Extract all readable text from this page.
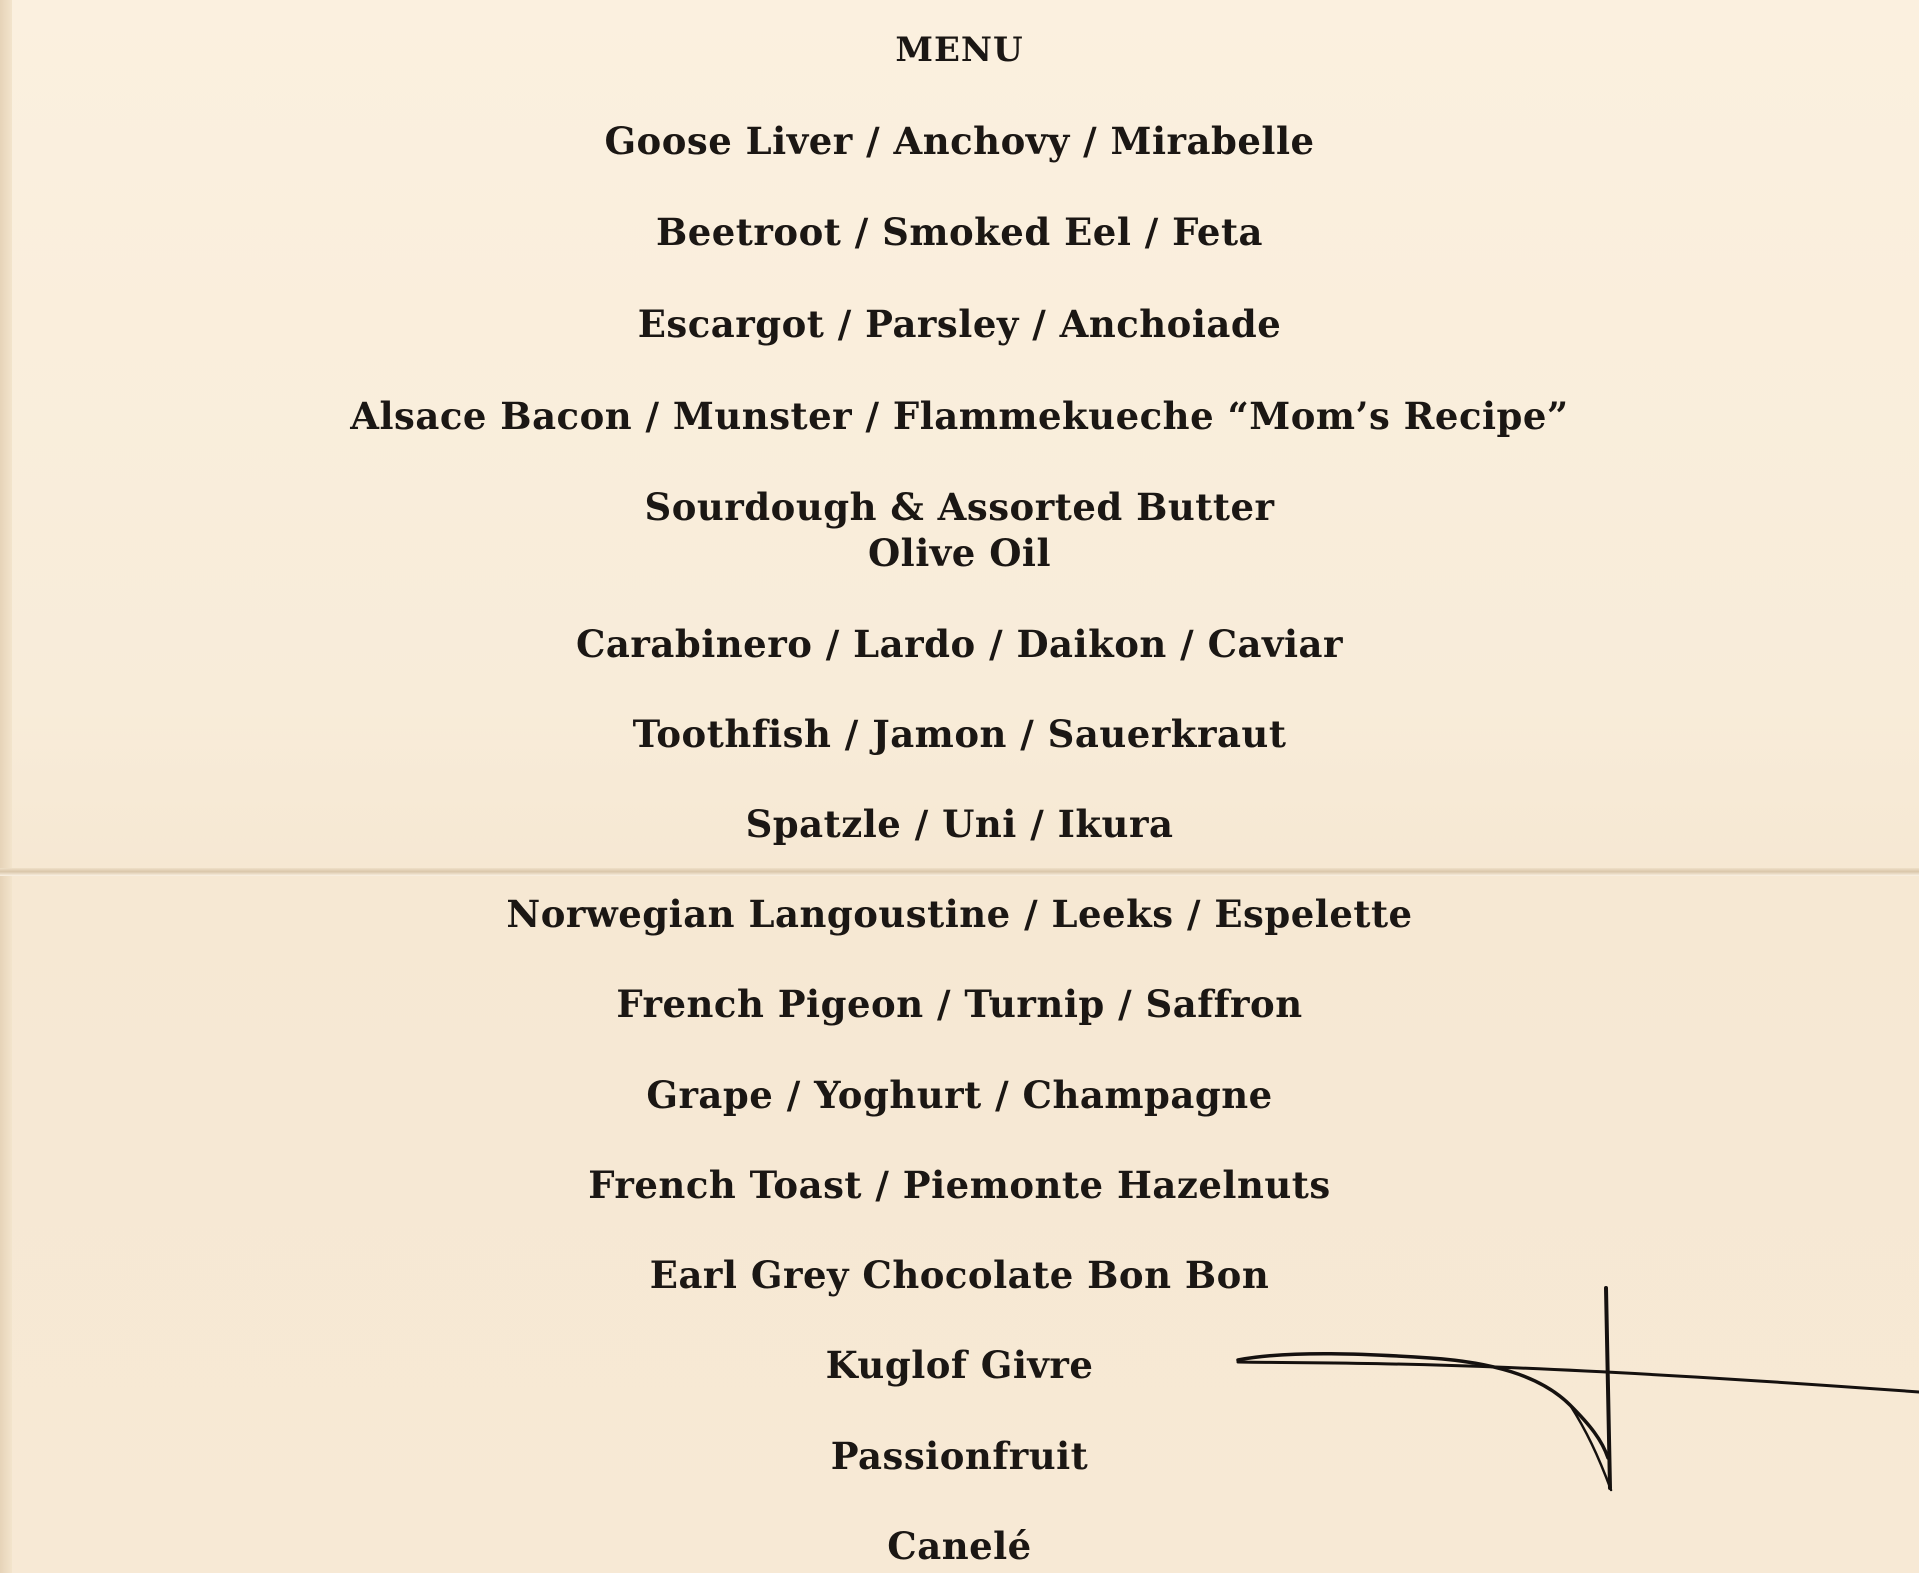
MENU
Goose Liver / Anchovy / Mirabelle
Beetroot / Smoked Eel / Feta
Escargot / Parsley / Anchoiade
Alsace Bacon / Munster / Flammekueche “Mom’s Recipe”
Sourdough & Assorted Butter
Olive Oil
Carabinero / Lardo / Daikon / Caviar
Toothfish / Jamon / Sauerkraut
Spatzle / Uni / Ikura
Norwegian Langoustine / Leeks / Espelette
French Pigeon / Turnip / Saffron
Grape / Yoghurt / Champagne
French Toast / Piemonte Hazelnuts
Earl Grey Chocolate Bon Bon
Kuglof Givre
Passionfruit
Canelé
